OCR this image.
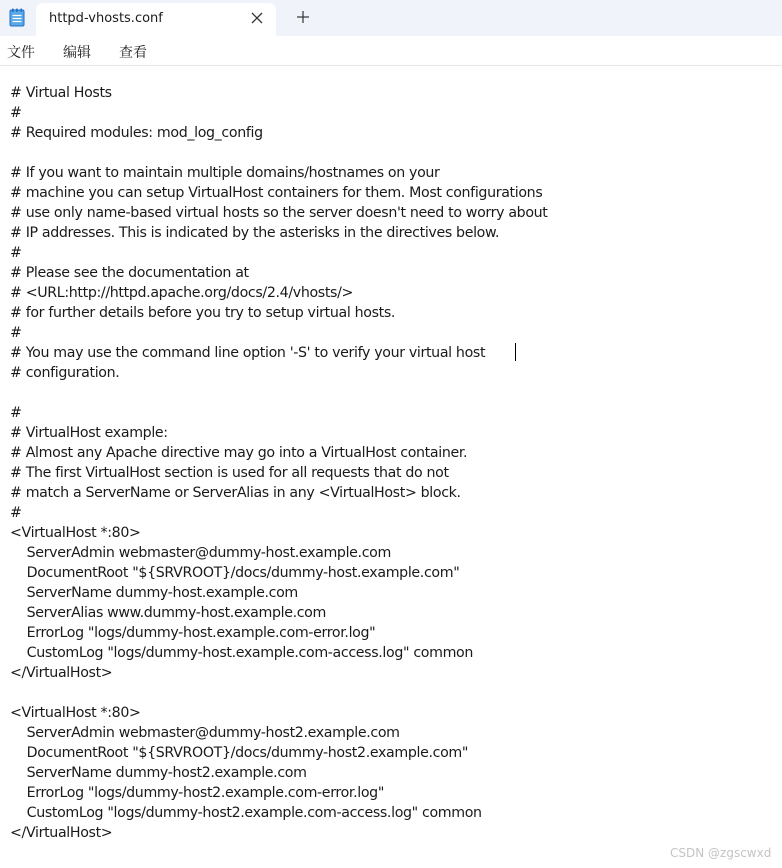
httpd-vhosts.conf
文件 编辑 查看
# Virtual Hosts
#
# Required modules: mod_log_config

# If you want to maintain multiple domains/hostnames on your
# machine you can setup VirtualHost containers for them. Most configurations
# use only name-based virtual hosts so the server doesn't need to worry about
# IP addresses. This is indicated by the asterisks in the directives below.
#
# Please see the documentation at
# <URL:http://httpd.apache.org/docs/2.4/vhosts/>
# for further details before you try to setup virtual hosts.
#
# You may use the command line option '-S' to verify your virtual host
# configuration.

#
# VirtualHost example:
# Almost any Apache directive may go into a VirtualHost container.
# The first VirtualHost section is used for all requests that do not
# match a ServerName or ServerAlias in any <VirtualHost> block.
#
<VirtualHost *:80>
ServerAdmin webmaster@dummy-host.example.com
DocumentRoot "${SRVROOT}/docs/dummy-host.example.com"
ServerName dummy-host.example.com
ServerAlias www.dummy-host.example.com
ErrorLog "logs/dummy-host.example.com-error.log"
CustomLog "logs/dummy-host.example.com-access.log" common
</VirtualHost>

<VirtualHost *:80>
ServerAdmin webmaster@dummy-host2.example.com
DocumentRoot "${SRVROOT}/docs/dummy-host2.example.com"
ServerName dummy-host2.example.com
ErrorLog "logs/dummy-host2.example.com-error.log"
CustomLog "logs/dummy-host2.example.com-access.log" common
</VirtualHost>
CSDN @zgscwxd
